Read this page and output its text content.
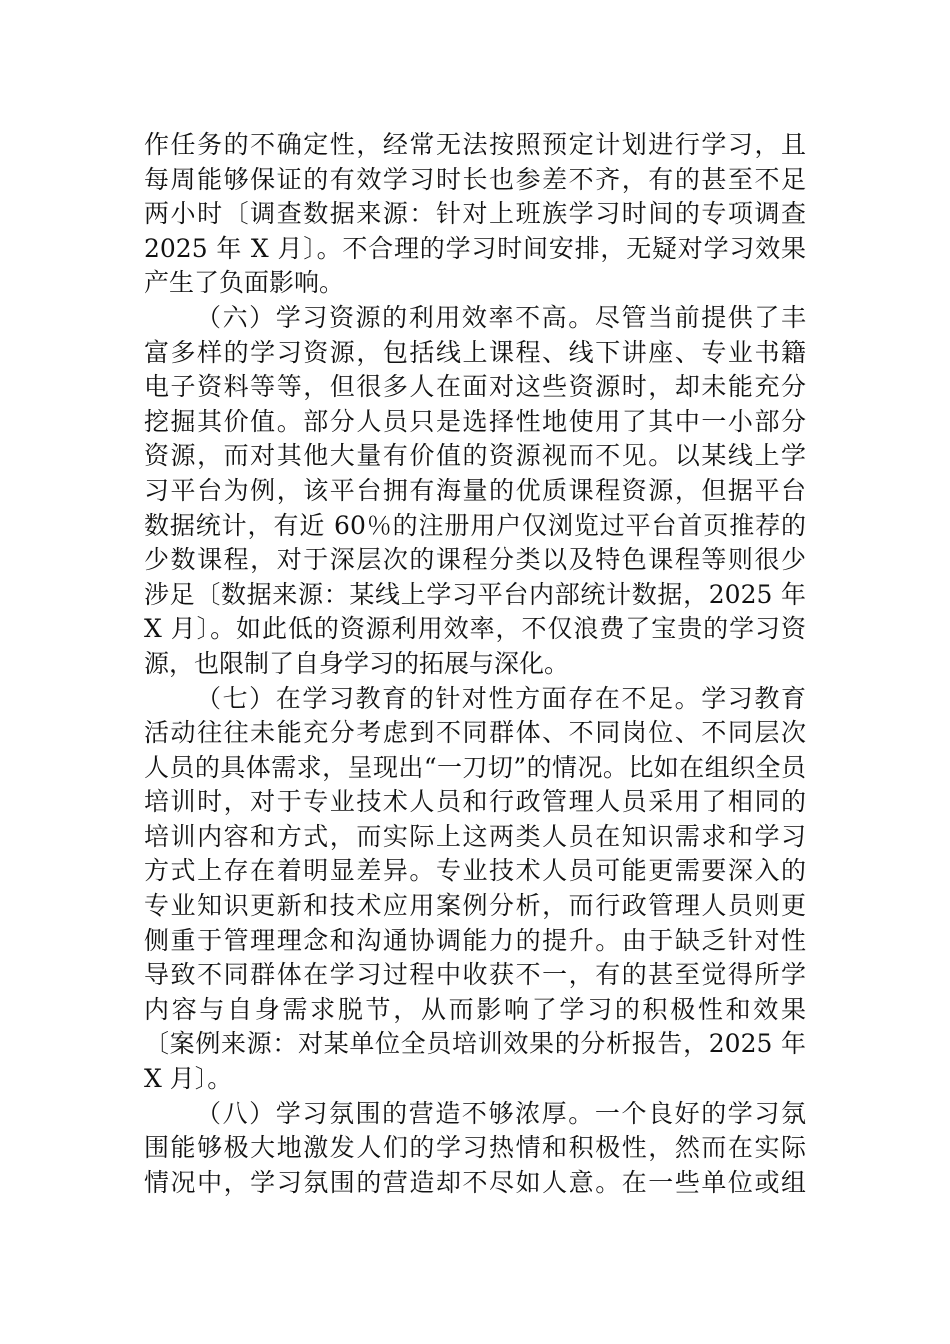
作任务的不确定性，经常无法按照预定计划进行学习，且
每周能够保证的有效学习时长也参差不齐，有的甚至不足
两小时〔调查数据来源：针对上班族学习时间的专项调查
2025 年 X 月〕。不合理的学习时间安排，无疑对学习效果
产生了负面影响。
（六）学习资源的利用效率不高。尽管当前提供了丰
富多样的学习资源，包括线上课程、线下讲座、专业书籍
电子资料等等，但很多人在面对这些资源时，却未能充分
挖掘其价值。部分人员只是选择性地使用了其中一小部分
资源，而对其他大量有价值的资源视而不见。以某线上学
习平台为例，该平台拥有海量的优质课程资源，但据平台
数据统计，有近 60％的注册用户仅浏览过平台首页推荐的
少数课程，对于深层次的课程分类以及特色课程等则很少
涉足〔数据来源：某线上学习平台内部统计数据，2025 年
X 月〕。如此低的资源利用效率，不仅浪费了宝贵的学习资
源，也限制了自身学习的拓展与深化。
（七）在学习教育的针对性方面存在不足。学习教育
活动往往未能充分考虑到不同群体、不同岗位、不同层次
人员的具体需求，呈现出“一刀切”的情况。比如在组织全员
培训时，对于专业技术人员和行政管理人员采用了相同的
培训内容和方式，而实际上这两类人员在知识需求和学习
方式上存在着明显差异。专业技术人员可能更需要深入的
专业知识更新和技术应用案例分析，而行政管理人员则更
侧重于管理理念和沟通协调能力的提升。由于缺乏针对性
导致不同群体在学习过程中收获不一，有的甚至觉得所学
内容与自身需求脱节，从而影响了学习的积极性和效果
〔案例来源：对某单位全员培训效果的分析报告，2025 年
X 月〕。
（八）学习氛围的营造不够浓厚。一个良好的学习氛
围能够极大地激发人们的学习热情和积极性，然而在实际
情况中，学习氛围的营造却不尽如人意。在一些单位或组
